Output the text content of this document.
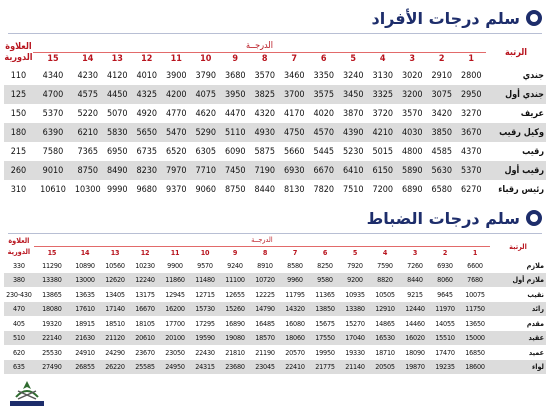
سلم درجات الأفراد
الرتبة	الدرجــة															العلاوة
الدورية

	1	2	3	4	5	6	7	8	9	10	11	12	13	14	15	
جندي	2800	2910	3020	3130	3240	3350	3460	3570	3680	3790	3900	4010	4120	4230	4340	110
جندي أول	2950	3075	3200	3325	3450	3575	3700	3825	3950	4075	4200	4325	4450	4575	4700	125
عريف	3270	3420	3570	3720	3870	4020	4170	4320	4470	4620	4770	4920	5070	5220	5370	150
وكيل رقيب	3670	3850	4030	4210	4390	4570	4750	4930	5110	5290	5470	5650	5830	6210	6390	180
رقيب	4370	4585	4800	5015	5230	5445	5660	5875	6090	6305	6520	6735	6950	7365	7580	215
رقيب أول	5370	5630	5890	6150	6410	6670	6930	7190	7450	7710	7970	8230	8490	8750	9010	260
رئيس رقباء	6270	6580	6890	7200	7510	7820	8130	8440	8750	9060	9370	9680	9990	10300	10610	310
سلم درجات الضباط
الرتبة	الدرجــة															العلاوة
الدورية

	1	2	3	4	5	6	7	8	9	10	11	12	13	14	15	
ملازم	6600	6930	7260	7590	7920	8250	8580	8910	9240	9570	9900	10230	10560	10890	11290	330
ملازم أول	7680	8060	8440	8820	9200	9580	9960	10720	11100	11480	11860	12240	12620	13000	13380	380
نقيب	10075	9645	9215	10505	10935	11365	11795	12225	12655	12715	12945	13175	13405	13635	13865	230-430
رائد	11750	11970	12440	12910	13380	13850	14320	14790	15260	15730	16200	16670	17140	17610	18080	470
مقدم	13650	14055	14460	14865	15270	15675	16080	16485	16890	17295	17700	18105	18510	18915	19320	405
عقيد	15000	15510	16020	16530	17040	17550	18060	18570	19080	19590	20100	20610	21120	21630	22140	510
عميد	16850	17470	18090	18710	19330	19950	20570	21190	21810	22430	23050	23670	24290	24910	25530	620
لواء	18600	19235	19870	20505	21140	21775	22410	23045	23680	24315	24950	25585	26220	26855	27490	635
